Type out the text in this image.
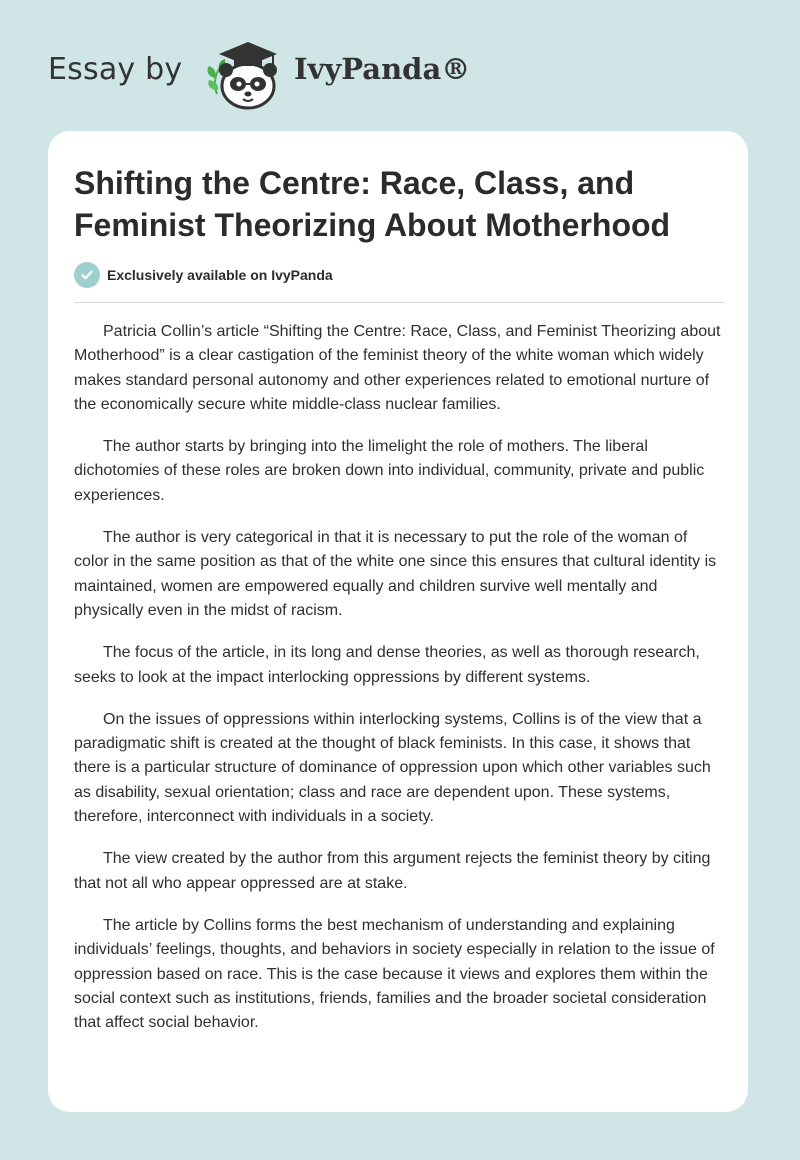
Essay by	IvyPanda®
Shifting the Centre: Race, Class, and Feminist Theorizing About Motherhood
Exclusively available on IvyPanda

Patricia Collin’s article “Shifting the Centre: Race, Class, and Feminist Theorizing about Motherhood” is a clear castigation of the feminist theory of the white woman which widely makes standard personal autonomy and other experiences related to emotional nurture of the economically secure white middle-class nuclear families.

The author starts by bringing into the limelight the role of mothers. The liberal dichotomies of these roles are broken down into individual, community, private and public experiences.

The author is very categorical in that it is necessary to put the role of the woman of color in the same position as that of the white one since this ensures that cultural identity is maintained, women are empowered equally and children survive well mentally and physically even in the midst of racism.

The focus of the article, in its long and dense theories, as well as thorough research, seeks to look at the impact interlocking oppressions by different systems.

On the issues of oppressions within interlocking systems, Collins is of the view that a paradigmatic shift is created at the thought of black feminists. In this case, it shows that there is a particular structure of dominance of oppression upon which other variables such as disability, sexual orientation; class and race are dependent upon. These systems, therefore, interconnect with individuals in a society.

The view created by the author from this argument rejects the feminist theory by citing that not all who appear oppressed are at stake.

The article by Collins forms the best mechanism of understanding and explaining individuals’ feelings, thoughts, and behaviors in society especially in relation to the issue of oppression based on race. This is the case because it views and explores them within the social context such as institutions, friends, families and the broader societal consideration that affect social behavior.
